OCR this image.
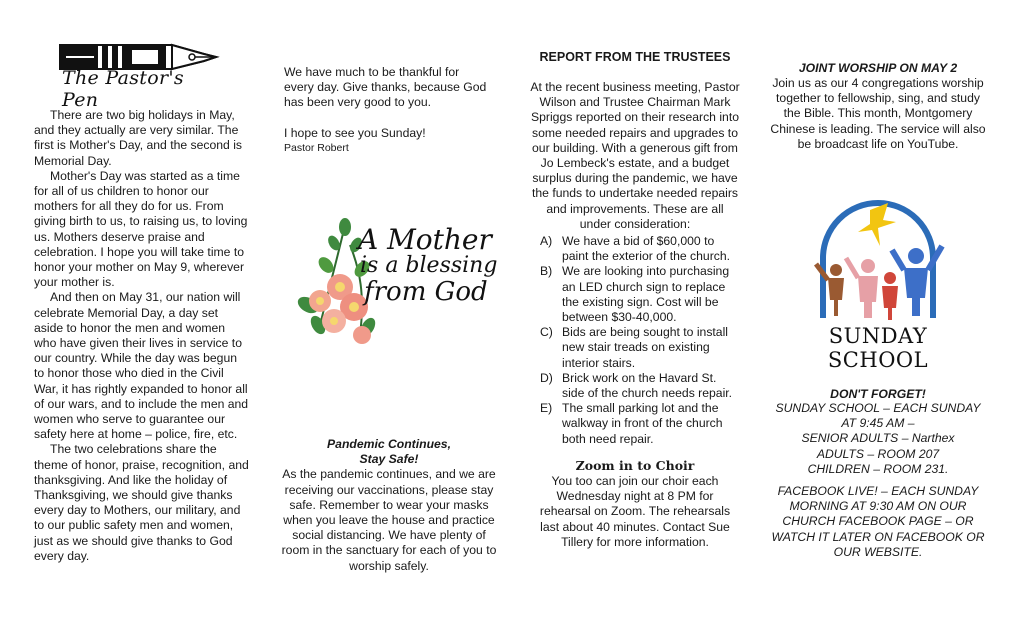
The Pastor's Pen

There are two big holidays in May, and they actually are very similar. The first is Mother's Day, and the second is Memorial Day.

Mother's Day was started as a time for all of us children to honor our mothers for all they do for us. From giving birth to us, to raising us, to loving us. Mothers deserve praise and celebration. I hope you will take time to honor your mother on May 9, wherever your mother is.

And then on May 31, our nation will celebrate Memorial Day, a day set aside to honor the men and women who have given their lives in service to our country. While the day was begun to honor those who died in the Civil War, it has rightly expanded to honor all of our wars, and to include the men and women who serve to guarantee our safety here at home – police, fire, etc.

The two celebrations share the theme of honor, praise, recognition, and thanksgiving. And like the holiday of Thanksgiving, we should give thanks every day to Mothers, our military, and to our public safety men and women, just as we should give thanks to God every day.

We have much to be thankful for every day. Give thanks, because God has been very good to you.

I hope to see you Sunday!

Pastor Robert

A Mother
is a blessing
from God
Pandemic Continues,
Stay Safe!

As the pandemic continues, and we are receiving our vaccinations, please stay safe. Remember to wear your masks when you leave the house and practice social distancing. We have plenty of room in the sanctuary for each of you to worship safely.

REPORT FROM THE TRUSTEES

At the recent business meeting, Pastor Wilson and Trustee Chairman Mark Spriggs reported on their research into some needed repairs and upgrades to our building. With a generous gift from Jo Lembeck's estate, and a budget surplus during the pandemic, we have the funds to undertake needed repairs and improvements. These are all under consideration:

A) We have a bid of $60,000 to paint the exterior of the church.
B) We are looking into purchasing an LED church sign to replace the existing sign. Cost will be between $30-40,000.
C) Bids are being sought to install new stair treads on existing interior stairs.
D) Brick work on the Havard St. side of the church needs repair.
E) The small parking lot and the walkway in front of the church both need repair.
Zoom in to Choir

You too can join our choir each Wednesday night at 8 PM for rehearsal on Zoom. The rehearsals last about 40 minutes. Contact Sue Tillery for more information.

JOINT WORSHIP ON MAY 2

Join us as our 4 congregations worship together to fellowship, sing, and study the Bible. This month, Montgomery Chinese is leading. The service will also be broadcast life on YouTube.

SUNDAY SCHOOL
DON'T FORGET!
SUNDAY SCHOOL – EACH SUNDAY
AT 9:45 AM –
SENIOR ADULTS – Narthex
ADULTS – ROOM 207
CHILDREN – ROOM 231.

FACEBOOK LIVE! – EACH SUNDAY MORNING AT 9:30 AM ON OUR CHURCH FACEBOOK PAGE – OR WATCH IT LATER ON FACEBOOK OR OUR WEBSITE.
